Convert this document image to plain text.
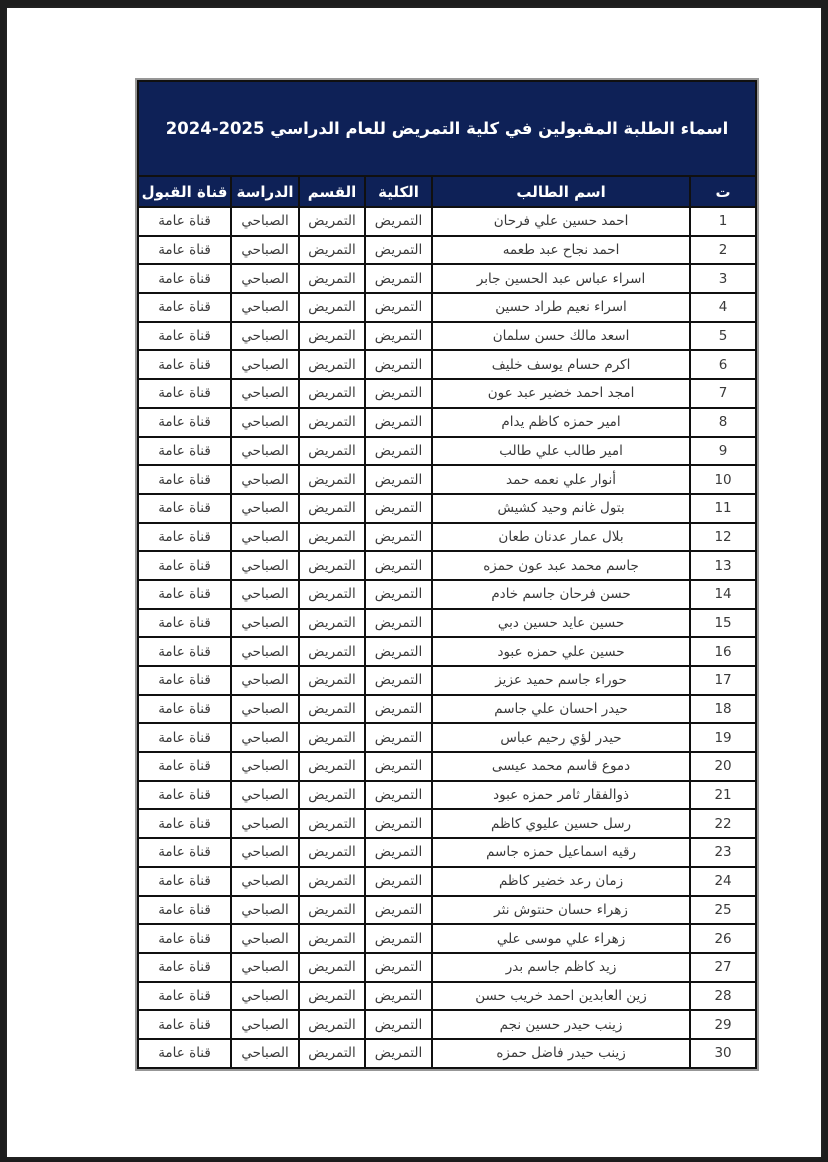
اسماء الطلبة المقبولين في كلية التمريض للعام الدراسي 2025-2024					
ت	اسم الطالب	الكلية	القسم	الدراسة	قناة القبول
1	احمد حسين علي فرحان	التمريض	التمريض	الصباحي	قناة عامة
2	احمد نجاح عبد طعمه	التمريض	التمريض	الصباحي	قناة عامة
3	اسراء عباس عبد الحسين جابر	التمريض	التمريض	الصباحي	قناة عامة
4	اسراء نعيم طراد حسين	التمريض	التمريض	الصباحي	قناة عامة
5	اسعد مالك حسن سلمان	التمريض	التمريض	الصباحي	قناة عامة
6	اكرم حسام يوسف خليف	التمريض	التمريض	الصباحي	قناة عامة
7	امجد احمد خضير عبد عون	التمريض	التمريض	الصباحي	قناة عامة
8	امير حمزه كاظم يدام	التمريض	التمريض	الصباحي	قناة عامة
9	امير طالب علي طالب	التمريض	التمريض	الصباحي	قناة عامة
10	أنوار علي نعمه حمد	التمريض	التمريض	الصباحي	قناة عامة
11	بتول غانم وحيد كشيش	التمريض	التمريض	الصباحي	قناة عامة
12	بلال عمار عدنان طعان	التمريض	التمريض	الصباحي	قناة عامة
13	جاسم محمد عبد عون حمزه	التمريض	التمريض	الصباحي	قناة عامة
14	حسن فرحان جاسم خادم	التمريض	التمريض	الصباحي	قناة عامة
15	حسين عايد حسين دبي	التمريض	التمريض	الصباحي	قناة عامة
16	حسين علي حمزه عبود	التمريض	التمريض	الصباحي	قناة عامة
17	حوراء جاسم حميد عزيز	التمريض	التمريض	الصباحي	قناة عامة
18	حيدر احسان علي جاسم	التمريض	التمريض	الصباحي	قناة عامة
19	حيدر لؤي رحيم عباس	التمريض	التمريض	الصباحي	قناة عامة
20	دموع قاسم محمد عيسى	التمريض	التمريض	الصباحي	قناة عامة
21	ذوالفقار ثامر حمزه عبود	التمريض	التمريض	الصباحي	قناة عامة
22	رسل حسين عليوي كاظم	التمريض	التمريض	الصباحي	قناة عامة
23	رقيه اسماعيل حمزه جاسم	التمريض	التمريض	الصباحي	قناة عامة
24	زمان رعد خضير كاظم	التمريض	التمريض	الصباحي	قناة عامة
25	زهراء حسان حنتوش نثر	التمريض	التمريض	الصباحي	قناة عامة
26	زهراء علي موسى علي	التمريض	التمريض	الصباحي	قناة عامة
27	زيد كاظم جاسم بدر	التمريض	التمريض	الصباحي	قناة عامة
28	زين العابدين احمد خريب حسن	التمريض	التمريض	الصباحي	قناة عامة
29	زينب حيدر حسين نجم	التمريض	التمريض	الصباحي	قناة عامة
30	زينب حيدر فاضل حمزه	التمريض	التمريض	الصباحي	قناة عامة
